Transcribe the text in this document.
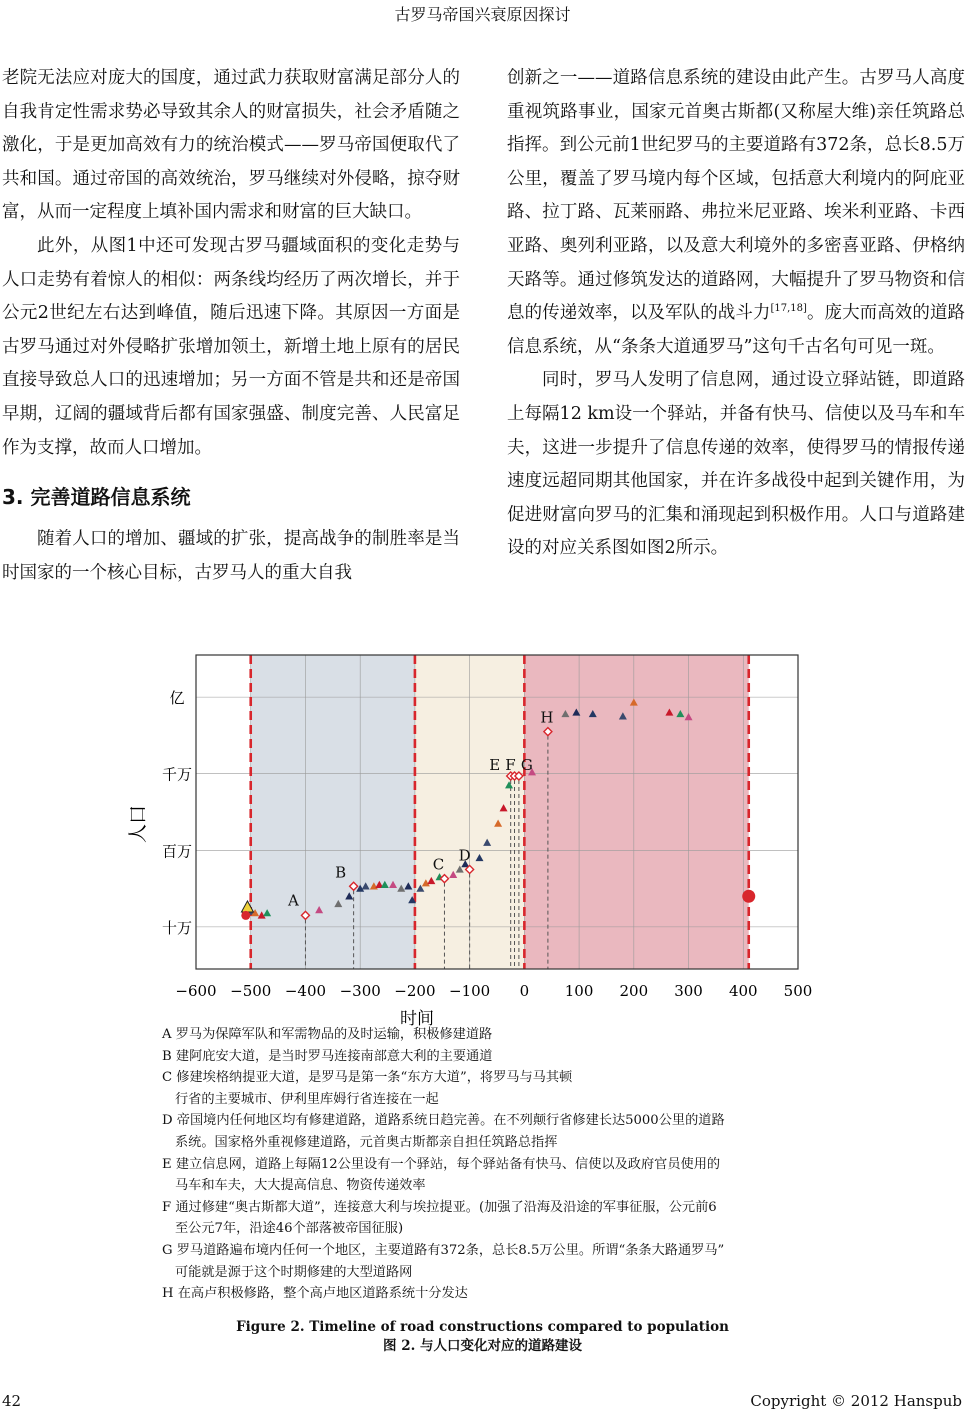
古罗马帝国兴衰原因探讨

老院无法应对庞大的国度，通过武力获取财富满足部分人的自我肯定性需求势必导致其余人的财富损失，社会矛盾随之激化，于是更加高效有力的统治模式——罗马帝国便取代了共和国。通过帝国的高效统治，罗马继续对外侵略，掠夺财富，从而一定程度上填补国内需求和财富的巨大缺口。

此外，从图1中还可发现古罗马疆域面积的变化走势与人口走势有着惊人的相似：两条线均经历了两次增长，并于公元2世纪左右达到峰值，随后迅速下降。其原因一方面是古罗马通过对外侵略扩张增加领土，新增土地上原有的居民直接导致总人口的迅速增加；另一方面不管是共和还是帝国早期，辽阔的疆域背后都有国家强盛、制度完善、人民富足作为支撑，故而人口增加。

3. 完善道路信息系统

随着人口的增加、疆域的扩张，提高战争的制胜率是当时国家的一个核心目标，古罗马人的重大自我

创新之一——道路信息系统的建设由此产生。古罗马人高度重视筑路事业，国家元首奥古斯都(又称屋大维)亲任筑路总指挥。到公元前1世纪罗马的主要道路有372条，总长8.5万公里，覆盖了罗马境内每个区域，包括意大利境内的阿庇亚路、拉丁路、瓦莱丽路、弗拉米尼亚路、埃米利亚路、卡西亚路、奥列利亚路，以及意大利境外的多密喜亚路、伊格纳天路等。通过修筑发达的道路网，大幅提升了罗马物资和信息的传递效率，以及军队的战斗力[17,18]。庞大而高效的道路信息系统，从“条条大道通罗马”这句千古名句可见一斑。

同时，罗马人发明了信息网，通过设立驿站链，即道路上每隔12 km设一个驿站，并备有快马、信使以及马车和车夫，这进一步提升了信息传递的效率，使得罗马的情报传递速度远超同期其他国家，并在许多战役中起到关键作用，为促进财富向罗马的汇集和涌现起到积极作用。人口与道路建设的对应关系图如图2所示。

A
B	C
D
E F G
H
十万
百万
千万
亿
−600 −500 −400 −300 −200 −100 0 100 200 300 400 500
人口
时间

A 罗马为保障军队和军需物品的及时运输，积极修建道路

B 建阿庇安大道，是当时罗马连接南部意大利的主要通道

C 修建埃格纳提亚大道，是罗马是第一条“东方大道”，将罗马与马其顿

行省的主要城市、伊利里库姆行省连接在一起

D 帝国境内任何地区均有修建道路，道路系统日趋完善。在不列颠行省修建长达5000公里的道路

系统。国家格外重视修建道路，元首奥古斯都亲自担任筑路总指挥

E 建立信息网，道路上每隔12公里设有一个驿站，每个驿站备有快马、信使以及政府官员使用的

马车和车夫，大大提高信息、物资传递效率

F 通过修建“奥古斯都大道”，连接意大利与埃拉提亚。(加强了沿海及沿途的军事征服，公元前6

至公元7年，沿途46个部落被帝国征服)

G 罗马道路遍布境内任何一个地区，主要道路有372条，总长8.5万公里。所谓“条条大路通罗马”

可能就是源于这个时期修建的大型道路网

H 在高卢积极修路，整个高卢地区道路系统十分发达

Figure 2. Timeline of road constructions compared to population
图 2. 与人口变化对应的道路建设
42	Copyright © 2012 Hanspub
